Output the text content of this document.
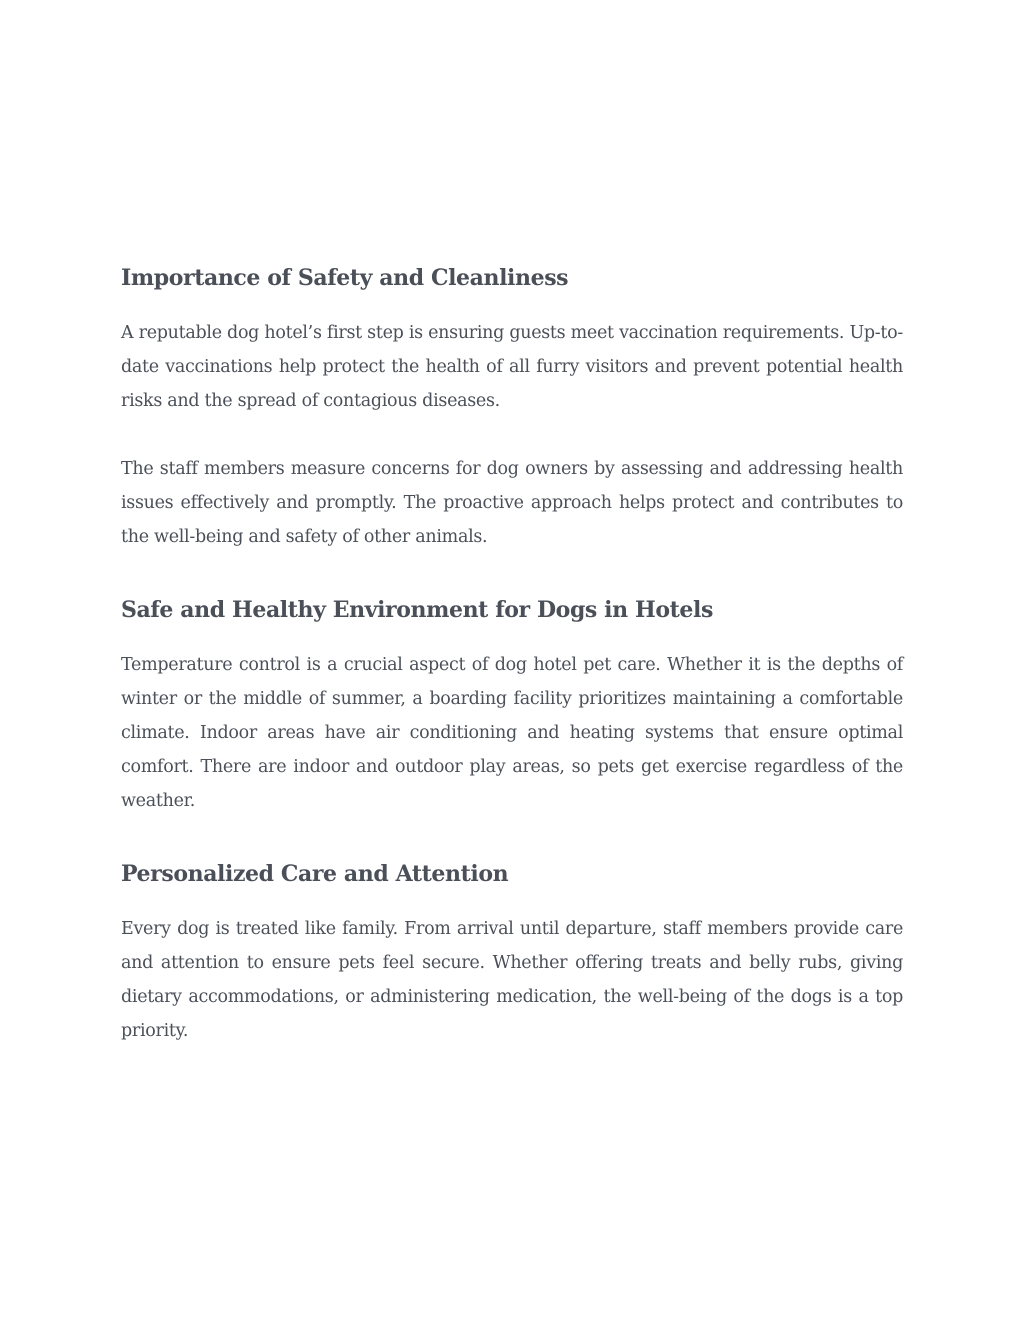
Importance of Safety and Cleanliness

A reputable dog hotel’s first step is ensuring guests meet vaccination requirements. Up-to-date vaccinations help protect the health of all furry visitors and prevent potential health risks and the spread of contagious diseases.

The staff members measure concerns for dog owners by assessing and addressing health issues effectively and promptly. The proactive approach helps protect and contributes to the well-being and safety of other animals.

Safe and Healthy Environment for Dogs in Hotels

Temperature control is a crucial aspect of dog hotel pet care. Whether it is the depths of winter or the middle of summer, a boarding facility prioritizes maintaining a comfortable climate. Indoor areas have air conditioning and heating systems that ensure optimal comfort. There are indoor and outdoor play areas, so pets get exercise regardless of the weather.

Personalized Care and Attention

Every dog is treated like family. From arrival until departure, staff members provide care and attention to ensure pets feel secure. Whether offering treats and belly rubs, giving dietary accommodations, or administering medication, the well-being of the dogs is a top priority.
